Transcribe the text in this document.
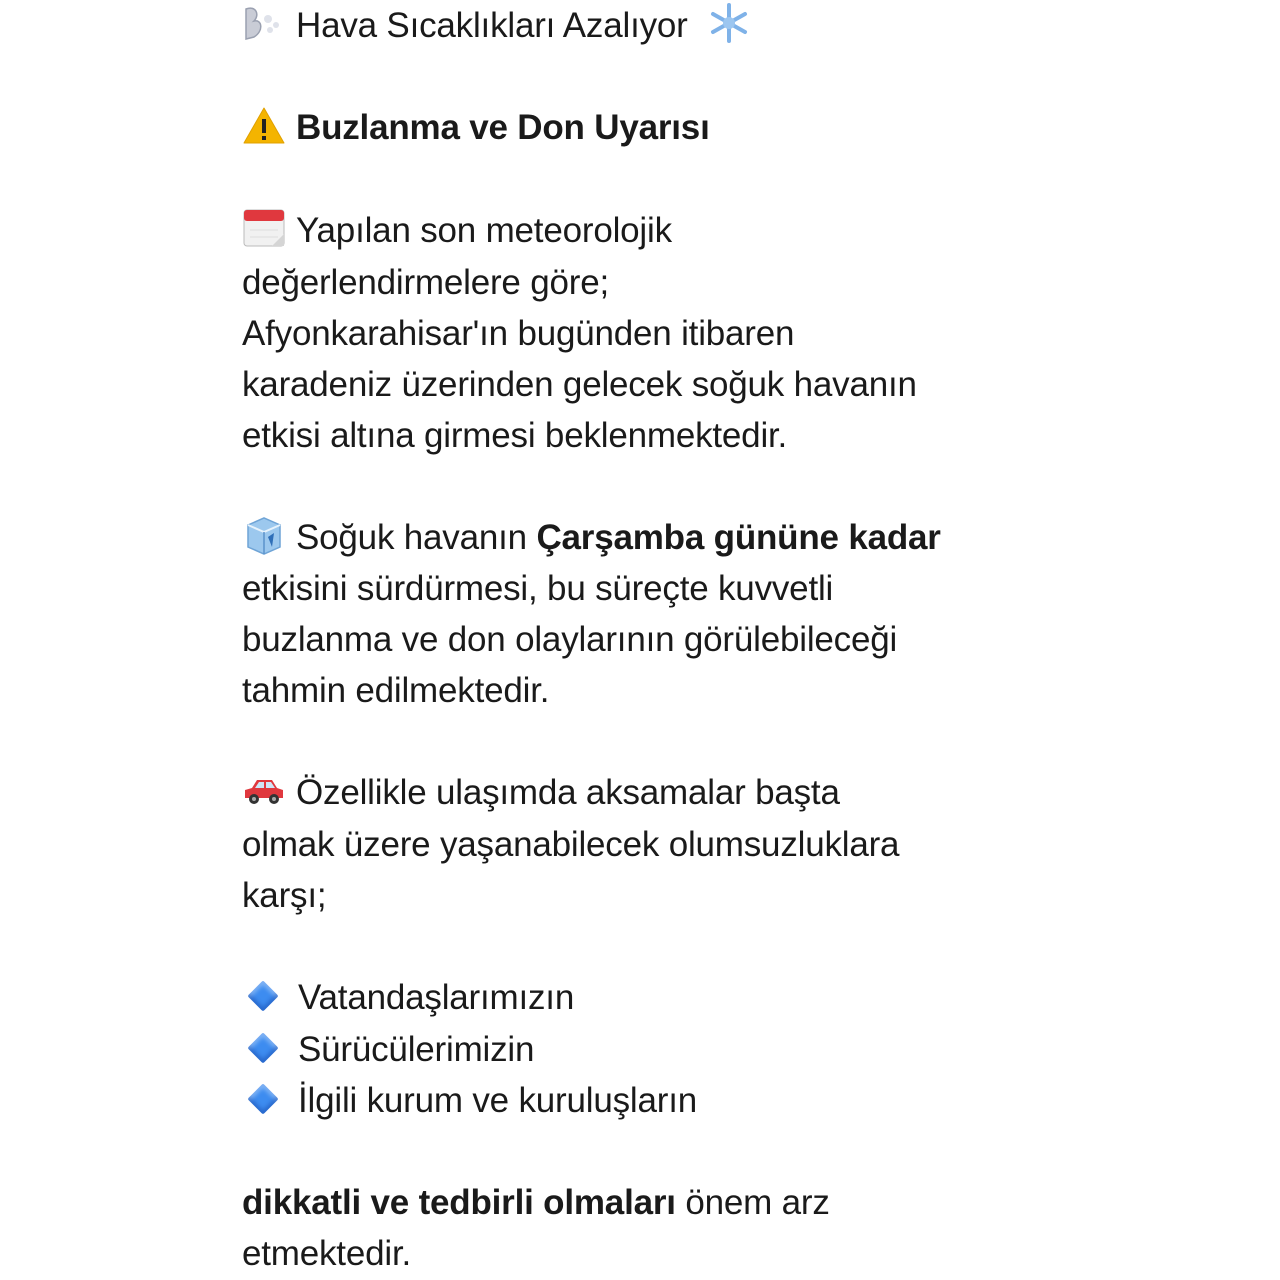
Hava Sıcaklıkları Azalıyor
Buzlanma ve Don Uyarısı
Yapılan son meteorolojik
değerlendirmelere göre;
Afyonkarahisar'ın bugünden itibaren
karadeniz üzerinden gelecek soğuk havanın
etkisi altına girmesi beklenmektedir.
Soğuk havanın Çarşamba gününe kadar
etkisini sürdürmesi, bu süreçte kuvvetli
buzlanma ve don olaylarının görülebileceği
tahmin edilmektedir.
Özellikle ulaşımda aksamalar başta
olmak üzere yaşanabilecek olumsuzluklara
karşı;
Vatandaşlarımızın
Sürücülerimizin
İlgili kurum ve kuruluşların
dikkatli ve tedbirli olmaları önem arz
etmektedir.
